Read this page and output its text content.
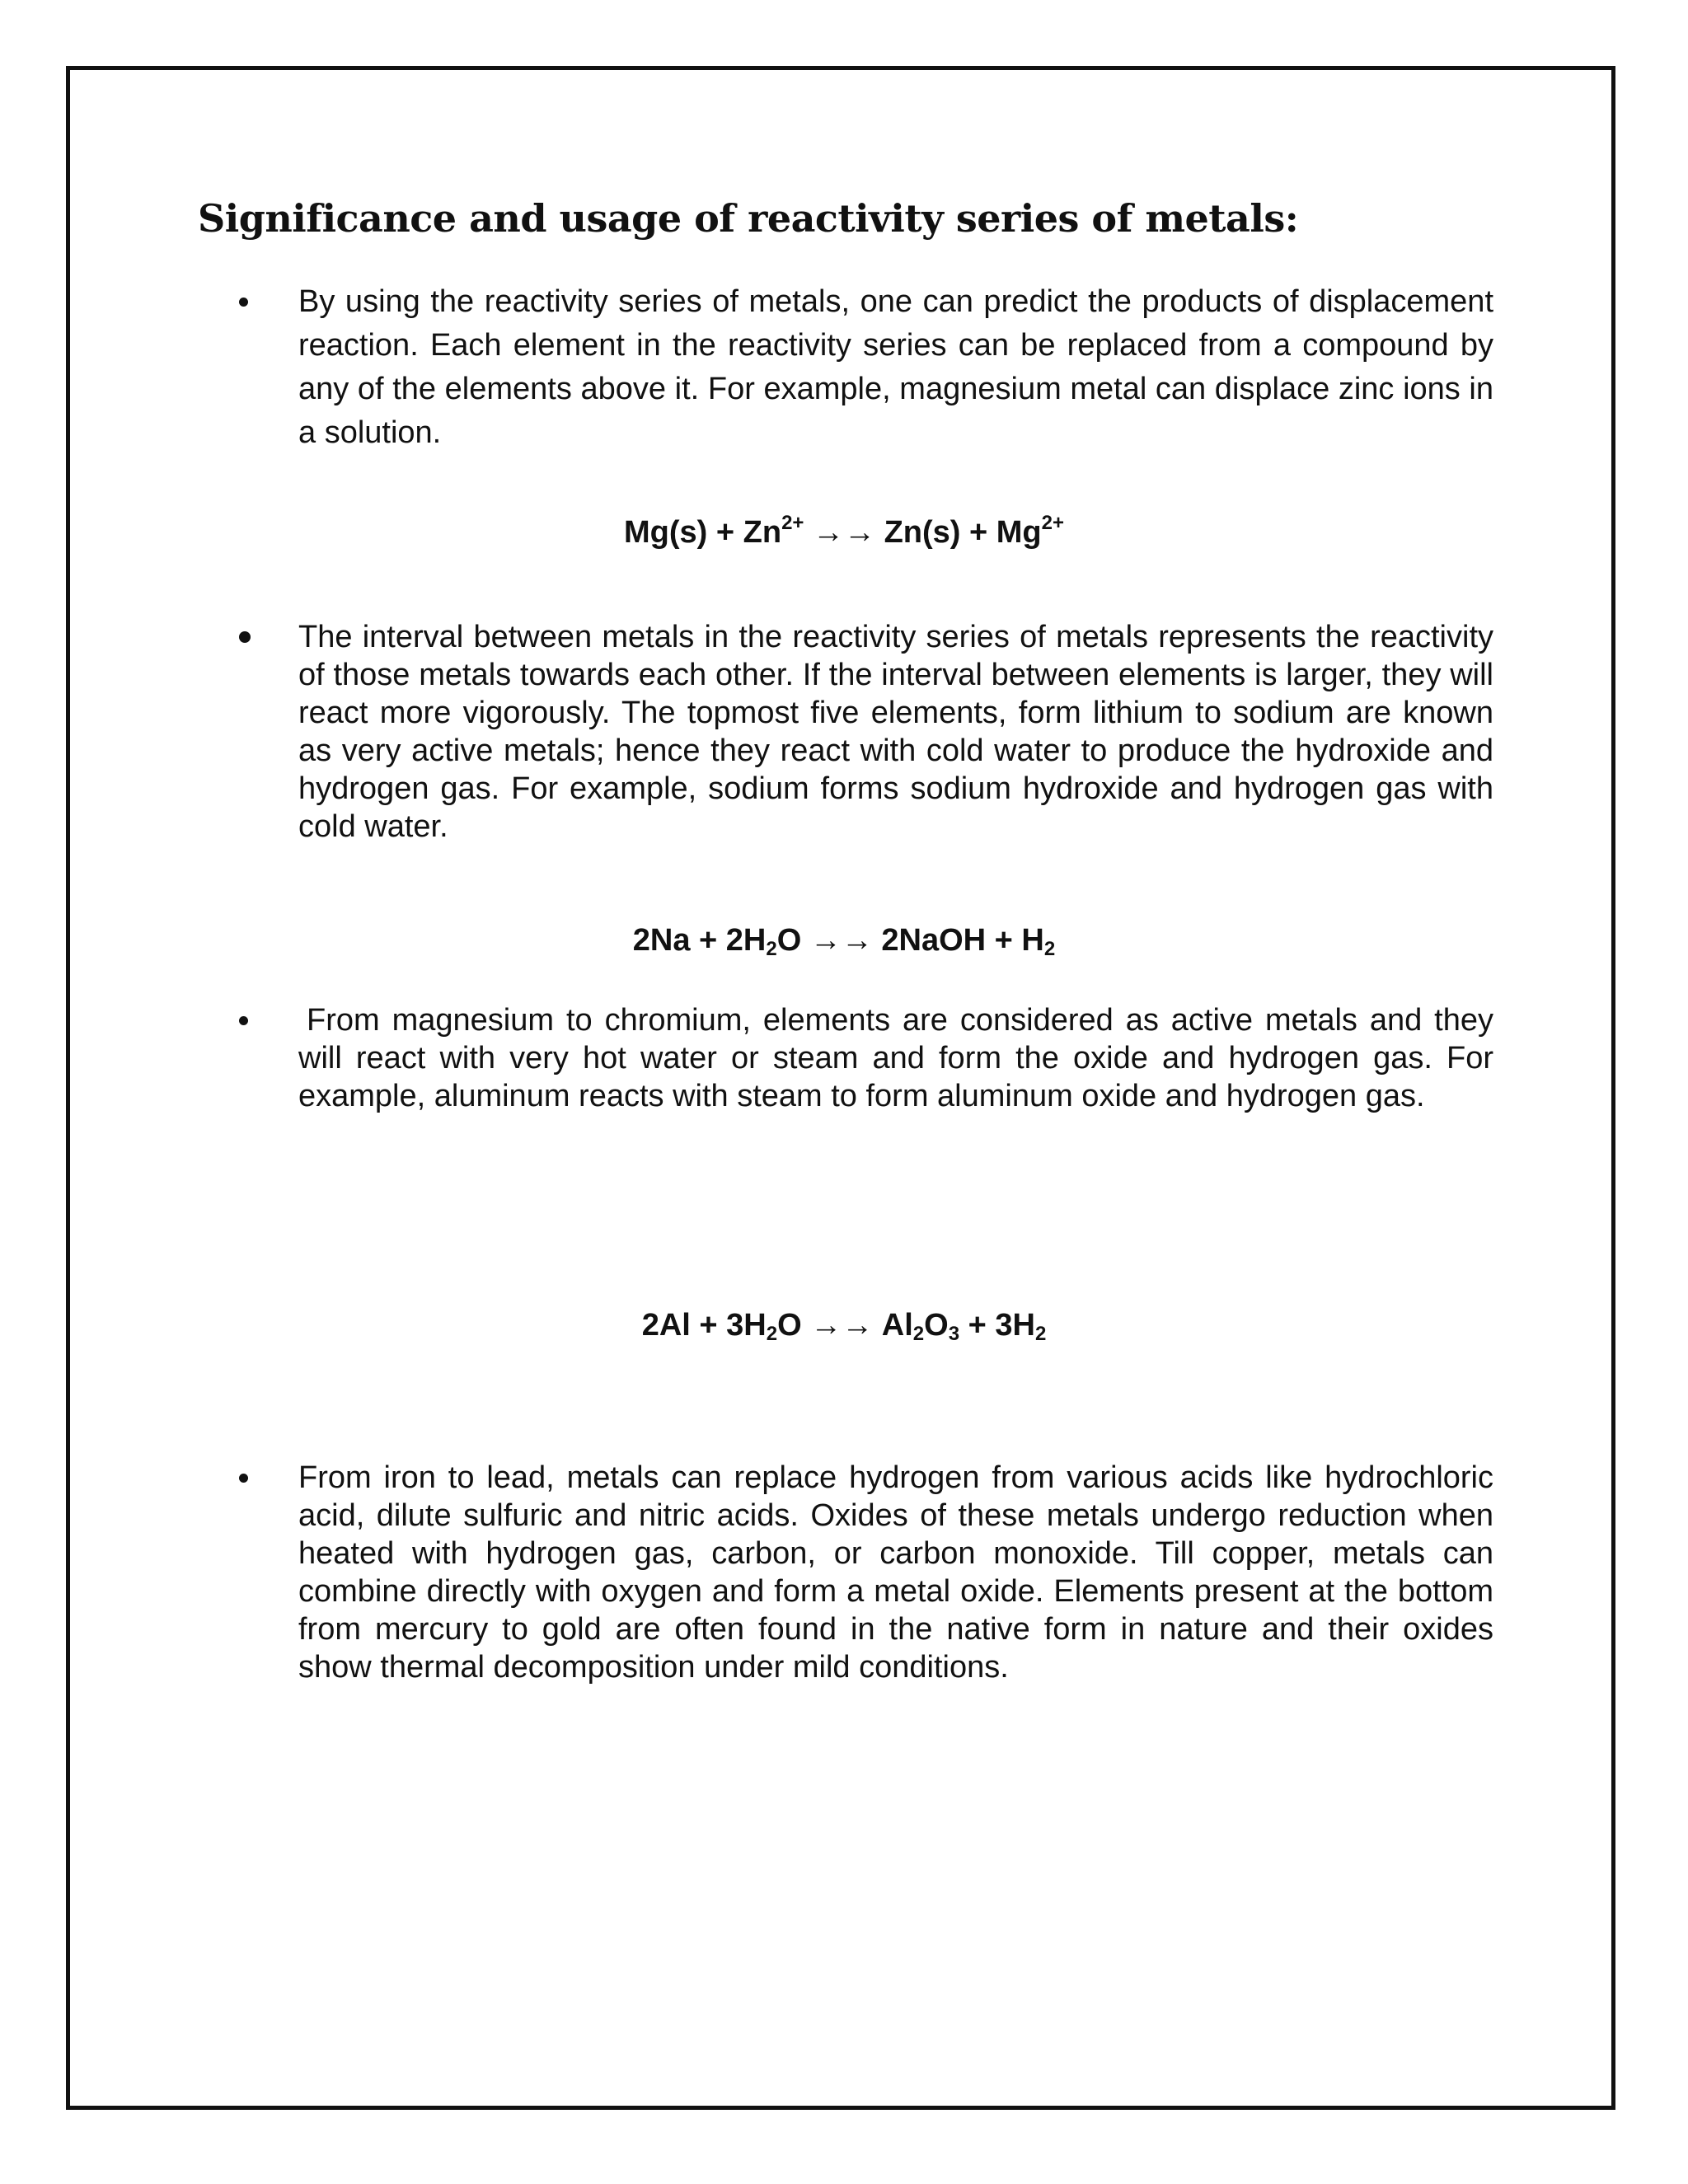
Significance and usage of reactivity series of metals:

By using the reactivity series of metals, one can predict the products of displacement reaction. Each element in the reactivity series can be replaced from a compound by any of the elements above it. For example, magnesium metal can displace zinc ions in a solution.

$Mg(s) + Zn^{2+} \to\to Zn(s) + Mg^{2+}$

The interval between metals in the reactivity series of metals represents the reactivity of those metals towards each other. If the interval between elements is larger, they will react more vigorously. The topmost five elements, form lithium to sodium are known as very active metals; hence they react with cold water to produce the hydroxide and hydrogen gas. For example, sodium forms sodium hydroxide and hydrogen gas with cold water.

$2Na + 2H_2O$ →→ 2NaOH + $H_2$

From magnesium to chromium, elements are considered as active metals and they will react with very hot water or steam and form the oxide and hydrogen gas. For example, aluminum reacts with steam to form aluminum oxide and hydrogen gas.

$2Al + 3H_2O \to\to Al_2O_3 + 3H_2$

From iron to lead, metals can replace hydrogen from various acids like hydrochloric acid, dilute sulfuric and nitric acids. Oxides of these metals undergo reduction when heated with hydrogen gas, carbon, or carbon monoxide. Till copper, metals can combine directly with oxygen and form a metal oxide. Elements present at the bottom from mercury to gold are often found in the native form in nature and their oxides show thermal decomposition under mild conditions.
